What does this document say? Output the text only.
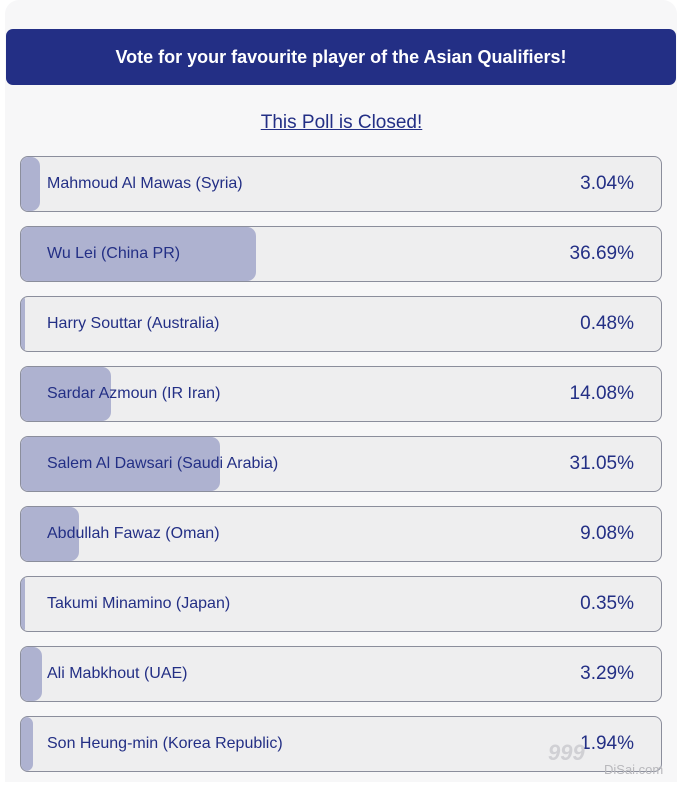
Vote for your favourite player of the Asian Qualifiers!
This Poll is Closed!
Mahmoud Al Mawas (Syria)	3.04%
Wu Lei (China PR)	36.69%
Harry Souttar (Australia)	0.48%
Sardar Azmoun (IR Iran)	14.08%
Salem Al Dawsari (Saudi Arabia)	31.05%
Abdullah Fawaz (Oman)	9.08%
Takumi Minamino (Japan)	0.35%
Ali Mabkhout (UAE)	3.29%
Son Heung-min (Korea Republic)	1.94%
999
DiSai.com
